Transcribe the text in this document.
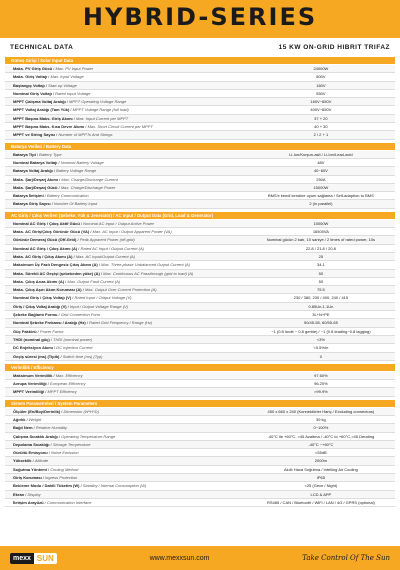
HYBRID-SERIES
TECHNICAL DATA	15 KW ON-GRID HIBRIT TRIFAZ
Güneş Girişi / Solar Input Data
Maks. PV Giriş Gücü / Max. PV Input Power	24000W
Maks. Giriş Voltajı / Max. Input Voltage	800V
Başlangıç Voltajı / Start-up Voltage	160V
Nominal Giriş Voltajı / Rated Input Voltage	550V
MPPT Çalışma Voltaj Aralığı / MPPT Operating Voltage Range	160V~650V
MPPT Voltaj Aralığı (Tam Yük) / MPPT Voltage Range (full load)	400V~650V
MPPT Başına Maks. Giriş Akımı / Max. Input Current per MPPT	37 + 20
MPPT Başına Maks. Kısa Devre Akımı / Max. Short Circuit Current per MPPT	40 + 30
MPPT ve String Sayısı / Number of MPPTs And Strings	2 / 2 + 1
Batarya Verileri / Battery Data
Batarya Tipi / Battery Type	Li-Ion/Kurşun-asit / Li-Ion/Lead-acid
Nominal Batarya Voltajı / Nominal Battery Voltage	48V
Batarya Voltaj Aralığı / Battery Voltage Range	40~60V
Maks. Şarj/Deşarj Akımı / Max. Charge/Discharge Current	250A
Maks. Şarj/Deşarj Gücü / Max. Charge/Discharge Power	15000W
Batarya İletişimi / Battery Communication	BMS'e kendi kendine uyum sağlama / Self-adaption to BMS
Batarya Giriş Sayısı / Number Of Battery Input	2 (in parallel)
AC Giriş / Çıkış Verileri (Şebeke, Yük & Jeneratör) / AC Input / Output Data (Grid, Load & Generator)
Nominal AC Giriş / Çıkış Aktif Gücü / Nominal AC Input / Output Active Power	15000W
Maks. AC Giriş/Çıkış Görünür Gücü (VA) / Max. AC Input / Output Apparent Power (VA)	16500VA
Görünür Demeraj Gücü (Off-Grid) / Peak Apparent Power (off-grid)	Nominal gücün 2 katı, 10 saniye / 2 times of rated power, 10s
Nominal AC Giriş / Çıkış Akımı (A) / Rated AC Input / Output Current (A)	22.8 / 21.8 / 20.8
Maks. AC Giriş / Çıkış Akımı (A) / Max. AC Input/Output Current (A)	25
Maksimum Üç Fazlı Dengesiz Çıkış Akımı (A) / Max. Three-phase Unbalanced Output Current (A)	34.1
Maks. Sürekli AC Geçişi (şebekeden yüke) (A) / Max. Continuous AC Passthrough (grid to load) (A)	50
Maks. Çıkış Arıza Akımı (A) / Max. Output Fault Current (A)	50
Maks. Çıkış Aşırı Akım Koruması (A) / Max. Output Over Current Protection (A)	75.5
Nominal Giriş / Çıkış Voltajı (V) / Rated Input / Output Voltage (V)	230 / 380, 230 / 400, 240 / 415
Giriş / Çıkış Voltaj Aralığı (V) / Input / Output Voltage Range (V)	0.85Un-1.1Un
Şebeke Bağlantı Formu / Grid Connection Form	3L+N+PE
Nominal Şebeke Frekansı / Aralığı (Hz) / Rated Grid Frequency / Range (Hz)	50/45-55, 60/55-65
Güç Faktörü / Power Factor	~1 (0.8 önde ~ 0.8 geride) / ~1 (0.8 leading~0.8 lagging)
THDI (nominal güç) / THDI (nominal power)	<3%
DC Enjeksiyon Akımı / DC Injection Current	<0.5%In
Geçiş süresi (ms) (Tipik) / Switch time (ms) (Typ)	0
Verimlilik / Efficiency
Maksimum Verimlilik / Max. Efficiency	97.60%
Avrupa Verimliliği / European Efficiency	96.20%
MPPT Verimliliği / MPPT Efficiency	>99.9%
Sistem Parametreleri / System Parameters
Ölçüler (En/Boy/Derinlik) / Dimension (W*H*D)	450 x 660 x 240 (Konnektörler Hariç / Excluding connectors)
Ağırlık / Weight	39 kg
Bağıl Nem / Relative Humidity	0~100%
Çalışma Sıcaklık Aralığı / Operating Temperature Range	-40°C ile +60°C, >45 Azaltma / -40°C to +60°C,>45 Derating
Depolama Sıcaklığı / Storage Temperature	-40°C ~+60°C
Gürültü Emisyonu / Noise Emission	<55dB
Yükseklik / Altitude	2000m
Soğutma Yöntemi / Cooling Method	Akıllı Hava Soğutma / Intelling Air Cooling
Giriş Koruması / Ingress Protection	IP65
Bekleme Modu / Dahili Tüketim (W) / Standby / Internal Consumption (W)	<25 (Gece / Night)
Ekran / Display	LCD & APP
İletişim Arayüzü / Communication Interface	RS485 / CAN / Bluetooth / WiFi / LAN / 4G / GPRS (optional)
mexx SUN	www.mexxsun.com	Take Control Of The Sun
